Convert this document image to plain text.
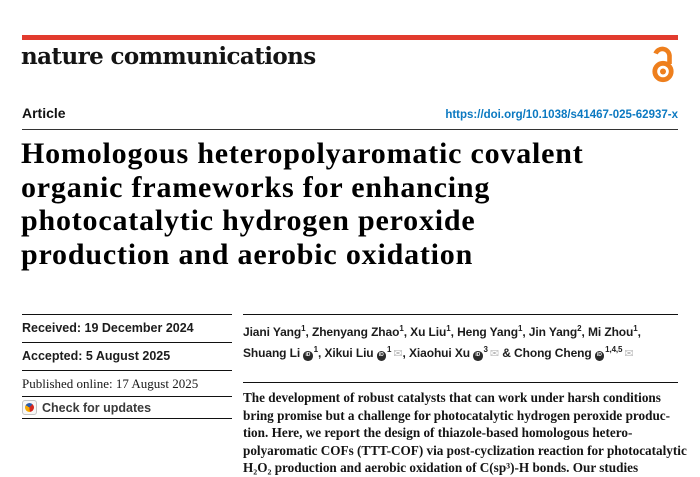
nature communications
Article	https://doi.org/10.1038/s41467-025-62937-x
Homologous heteropolyaromatic covalent
organic frameworks for enhancing
photocatalytic hydrogen peroxide
production and aerobic oxidation
Received: 19 December 2024
Accepted: 5 August 2025
Published online: 17 August 2025
Check for updates
Jiani Yang$^1$, Zhenyang Zhao$^1$, Xu Liu$^1$, Heng Yang$^1$, Jin Yang$^2$, Mi Zhou$^1$, Shuang Li $iD^1$, Xikui Liu $iD^1$ ✉, Xiaohui Xu $iD^3$ ✉ & Chong Cheng iD$^{1,4,5}$ ✉
The development of robust catalysts that can work under harsh conditions
bring promise but a challenge for photocatalytic hydrogen peroxide produc-
tion. Here, we report the design of thiazole-based homologous hetero-
polyaromatic COFs (TTT-COF) via post-cyclization reaction for photocatalytic
H₂O₂ production and aerobic oxidation of C(sp³)-H bonds. Our studies
